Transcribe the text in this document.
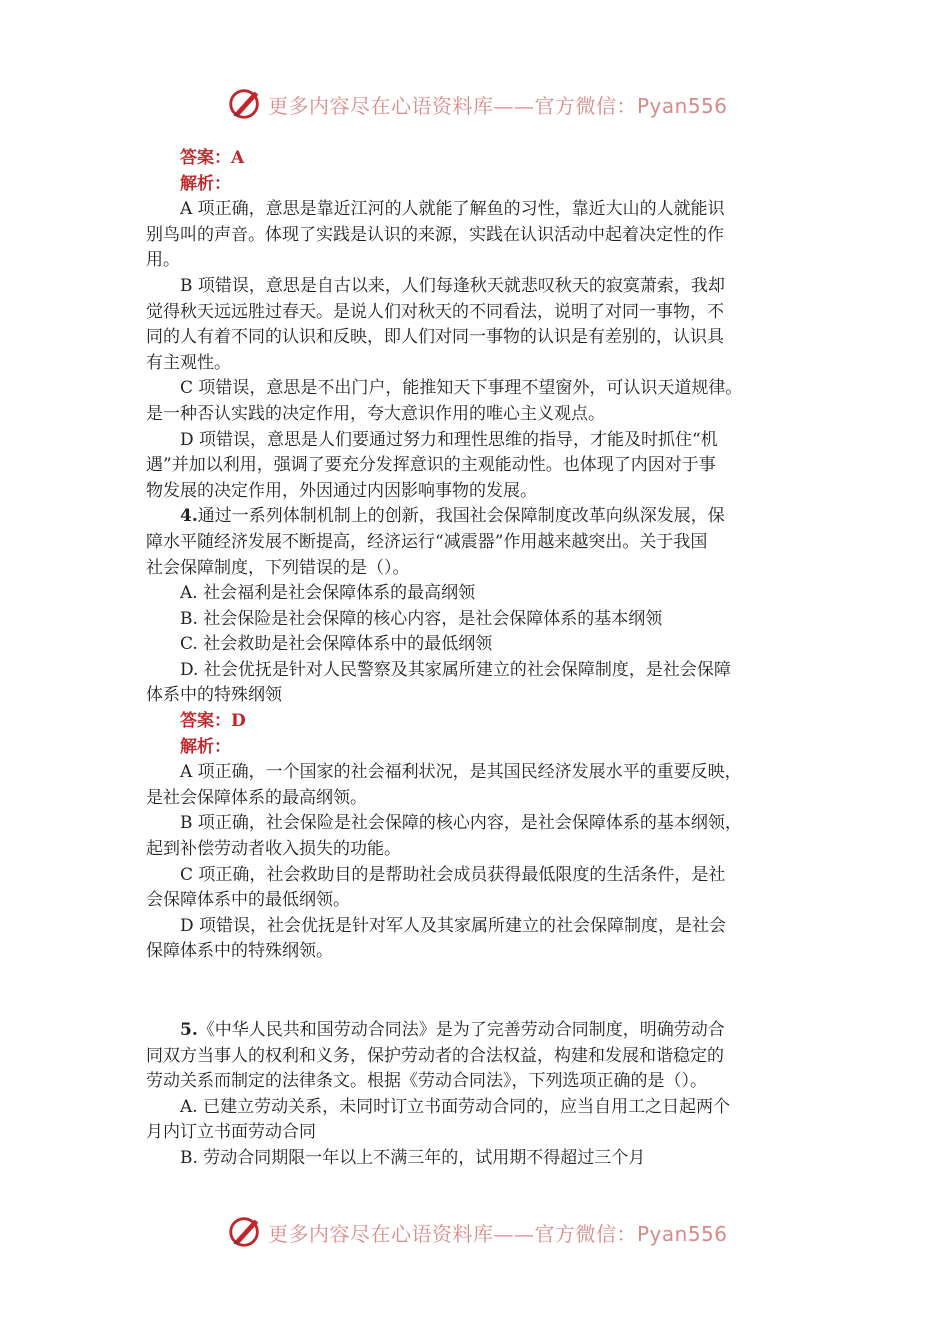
更多内容尽在心语资料库——官方微信：Pyan556
答案：A
解析：
A 项正确，意思是靠近江河的人就能了解鱼的习性，靠近大山的人就能识
别鸟叫的声音。体现了实践是认识的来源，实践在认识活动中起着决定性的作
用。
B 项错误，意思是自古以来，人们每逢秋天就悲叹秋天的寂寞萧索，我却
觉得秋天远远胜过春天。是说人们对秋天的不同看法，说明了对同一事物，不
同的人有着不同的认识和反映，即人们对同一事物的认识是有差别的，认识具
有主观性。
C 项错误，意思是不出门户，能推知天下事理不望窗外，可认识天道规律。
是一种否认实践的决定作用，夸大意识作用的唯心主义观点。
D 项错误，意思是人们要通过努力和理性思维的指导，才能及时抓住“机
遇”并加以利用，强调了要充分发挥意识的主观能动性。也体现了内因对于事
物发展的决定作用，外因通过内因影响事物的发展。
4.通过一系列体制机制上的创新，我国社会保障制度改革向纵深发展，保
障水平随经济发展不断提高，经济运行“减震器”作用越来越突出。关于我国
社会保障制度，下列错误的是（）。
A. 社会福利是社会保障体系的最高纲领
B. 社会保险是社会保障的核心内容，是社会保障体系的基本纲领
C. 社会救助是社会保障体系中的最低纲领
D. 社会优抚是针对人民警察及其家属所建立的社会保障制度，是社会保障
体系中的特殊纲领
答案：D
解析：
A 项正确，一个国家的社会福利状况，是其国民经济发展水平的重要反映，
是社会保障体系的最高纲领。
B 项正确，社会保险是社会保障的核心内容，是社会保障体系的基本纲领，
起到补偿劳动者收入损失的功能。
C 项正确，社会救助目的是帮助社会成员获得最低限度的生活条件，是社
会保障体系中的最低纲领。
D 项错误，社会优抚是针对军人及其家属所建立的社会保障制度，是社会
保障体系中的特殊纲领。
5.《中华人民共和国劳动合同法》是为了完善劳动合同制度，明确劳动合
同双方当事人的权利和义务，保护劳动者的合法权益，构建和发展和谐稳定的
劳动关系而制定的法律条文。根据《劳动合同法》，下列选项正确的是（）。
A. 已建立劳动关系，未同时订立书面劳动合同的，应当自用工之日起两个
月内订立书面劳动合同
B. 劳动合同期限一年以上不满三年的，试用期不得超过三个月
更多内容尽在心语资料库——官方微信：Pyan556
